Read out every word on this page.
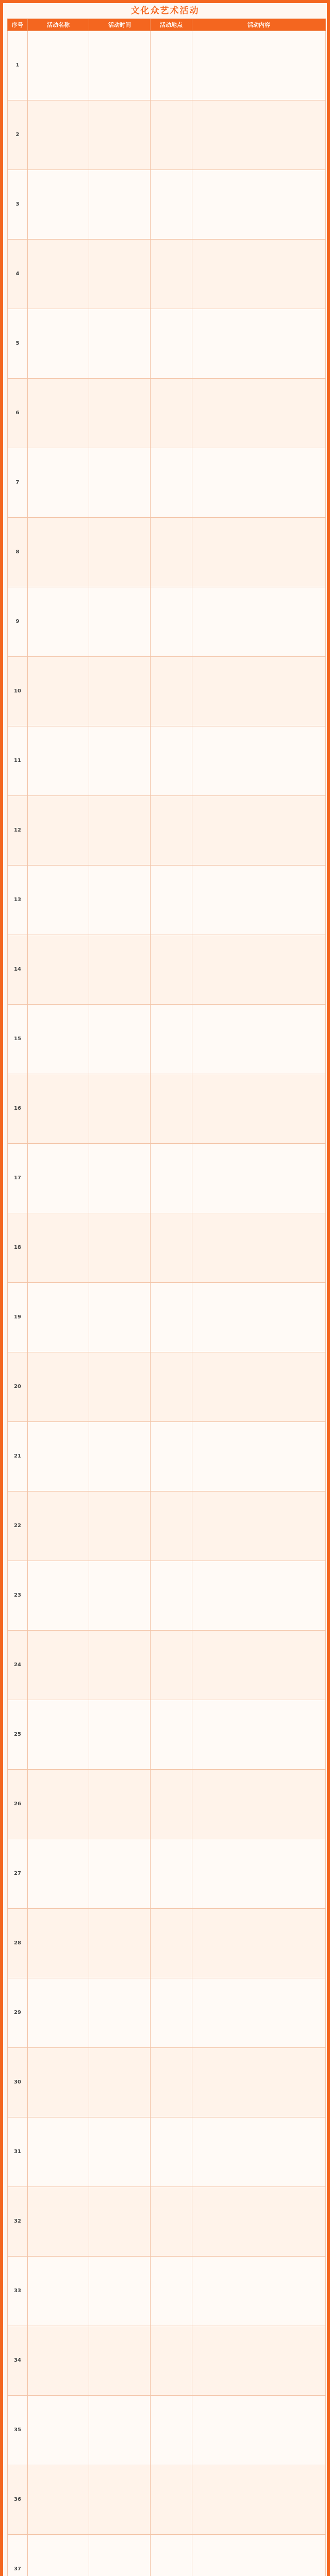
文化众艺术活动
序号	活动名称	活动时间	活动地点	活动内容
1				
2				
3				
4				
5				
6				
7				
8				
9				
10				
11				
12				
13				
14				
15				
16				
17				
18				
19				
20				
21				
22				
23				
24				
25				
26				
27				
28				
29				
30				
31				
32				
33				
34				
35				
36				
37				
